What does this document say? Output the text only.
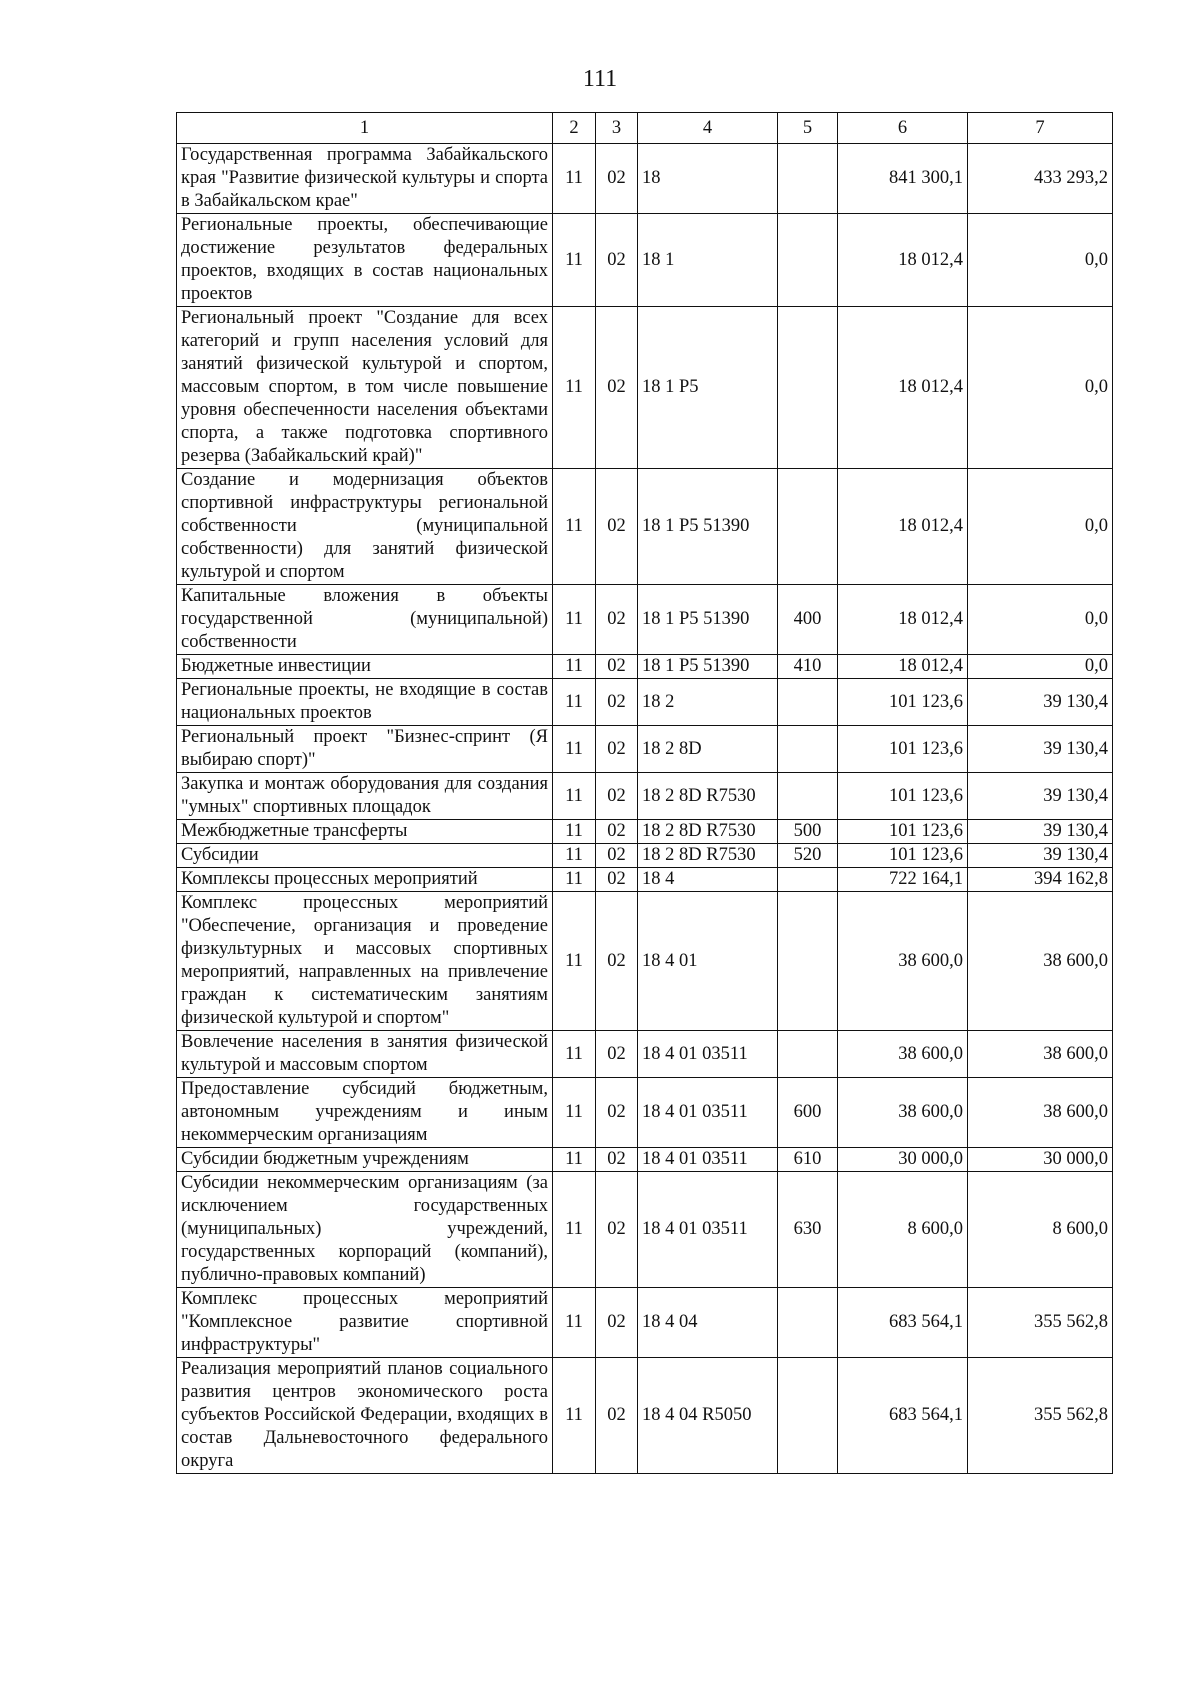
111
1	2	3	4	5	6	7
Государственная программа Забайкальского края "Развитие физической культуры и спорта в Забайкальском крае"	11	02	18		841 300,1	433 293,2
Региональные проекты, обеспечивающие достижение результатов федеральных проектов, входящих в состав национальных проектов	11	02	18 1		18 012,4	0,0
Региональный проект "Создание для всех категорий и групп населения условий для занятий физической культурой и спортом, массовым спортом, в том числе повышение уровня обеспеченности населения объектами спорта, а также подготовка спортивного резерва (Забайкальский край)"	11	02	18 1 P5		18 012,4	0,0
Создание и модернизация объектов спортивной инфраструктуры региональной собственности (муниципальной собственности) для занятий физической культурой и спортом	11	02	18 1 P5 51390		18 012,4	0,0
Капитальные вложения в объекты государственной (муниципальной) собственности	11	02	18 1 P5 51390	400	18 012,4	0,0
Бюджетные инвестиции	11	02	18 1 P5 51390	410	18 012,4	0,0
Региональные проекты, не входящие в состав национальных проектов	11	02	18 2		101 123,6	39 130,4
Региональный проект "Бизнес-спринт (Я выбираю спорт)"	11	02	18 2 8D		101 123,6	39 130,4
Закупка и монтаж оборудования для создания "умных" спортивных площадок	11	02	18 2 8D R7530		101 123,6	39 130,4
Межбюджетные трансферты	11	02	18 2 8D R7530	500	101 123,6	39 130,4
Субсидии	11	02	18 2 8D R7530	520	101 123,6	39 130,4
Комплексы процессных мероприятий	11	02	18 4		722 164,1	394 162,8
Комплекс процессных мероприятий "Обеспечение, организация и проведение физкультурных и массовых спортивных мероприятий, направленных на привлечение граждан к систематическим занятиям физической культурой и спортом"	11	02	18 4 01		38 600,0	38 600,0
Вовлечение населения в занятия физической культурой и массовым спортом	11	02	18 4 01 03511		38 600,0	38 600,0
Предоставление субсидий бюджетным, автономным учреждениям и иным некоммерческим организациям	11	02	18 4 01 03511	600	38 600,0	38 600,0
Субсидии бюджетным учреждениям	11	02	18 4 01 03511	610	30 000,0	30 000,0
Субсидии некоммерческим организациям (за исключением государственных (муниципальных) учреждений, государственных корпораций (компаний), публично-правовых компаний)	11	02	18 4 01 03511	630	8 600,0	8 600,0
Комплекс процессных мероприятий "Комплексное развитие спортивной инфраструктуры"	11	02	18 4 04		683 564,1	355 562,8
Реализация мероприятий планов социального развития центров экономического роста субъектов Российской Федерации, входящих в состав Дальневосточного федерального округа	11	02	18 4 04 R5050		683 564,1	355 562,8
